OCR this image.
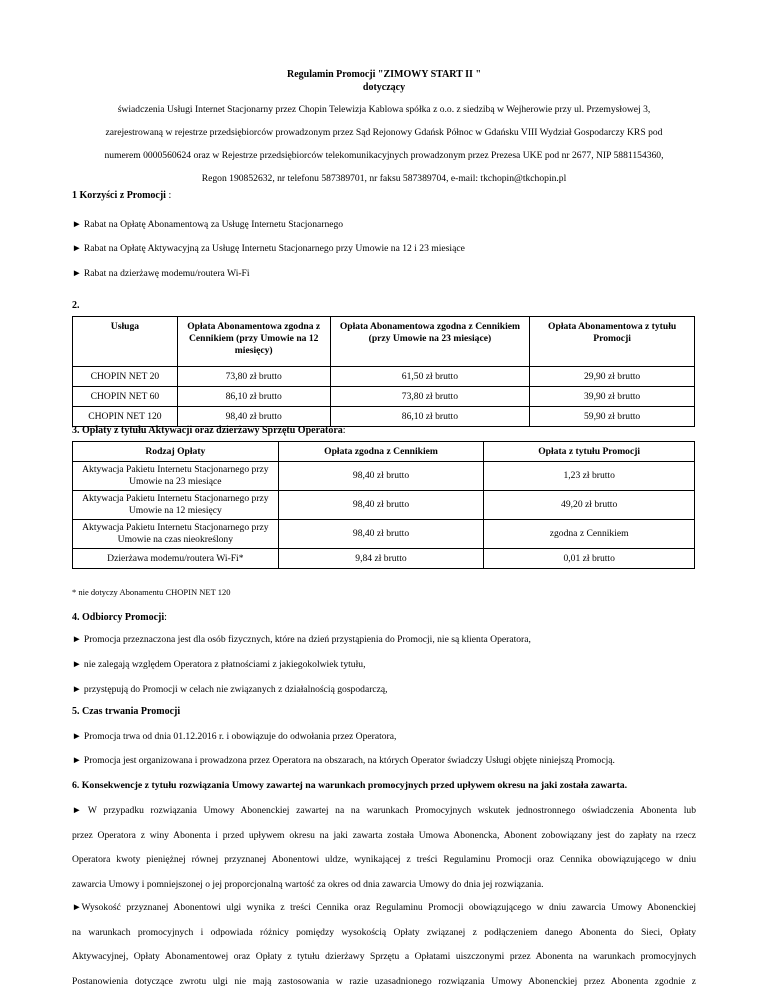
Regulamin Promocji "ZIMOWY START II "
dotyczący
świadczenia Usługi Internet Stacjonarny przez Chopin Telewizja Kablowa spółka z o.o. z siedzibą w Wejherowie przy ul. Przemysłowej 3,
zarejestrowaną w rejestrze przedsiębiorców prowadzonym przez Sąd Rejonowy Gdańsk Północ w Gdańsku VIII Wydział Gospodarczy KRS pod
numerem 0000560624 oraz w Rejestrze przedsiębiorców telekomunikacyjnych prowadzonym przez Prezesa UKE pod nr 2677, NIP 5881154360,
Regon 190852632, nr telefonu 587389701, nr faksu 587389704, e-mail: tkchopin@tkchopin.pl
1 Korzyści z Promocji :
► Rabat na Opłatę Abonamentową za Usługę Internetu Stacjonarnego
► Rabat na Opłatę Aktywacyjną za Usługę Internetu Stacjonarnego przy Umowie na 12 i 23 miesiące
► Rabat na dzierżawę modemu/routera Wi-Fi
2.
Usługa	Opłata Abonamentowa zgodna z Cennikiem (przy Umowie na 12 miesięcy)	Opłata Abonamentowa zgodna z Cennikiem (przy Umowie na 23 miesiące)	Opłata Abonamentowa z tytułu Promocji
CHOPIN NET 20	73,80 zł brutto	61,50 zł brutto	29,90 zł brutto
CHOPIN NET 60	86,10 zł brutto	73,80 zł brutto	39,90 zł brutto
CHOPIN NET 120	98,40 zł brutto	86,10 zł brutto	59,90 zł brutto
3. Opłaty z tytułu Aktywacji oraz dzierżawy Sprzętu Operatora:
Rodzaj Opłaty	Opłata zgodna z Cennikiem	Opłata z tytułu Promocji
Aktywacja Pakietu Internetu Stacjonarnego przy Umowie na 23 miesiące	98,40 zł brutto	1,23 zł brutto
Aktywacja Pakietu Internetu Stacjonarnego przy Umowie na 12 miesięcy	98,40 zł brutto	49,20 zł brutto
Aktywacja Pakietu Internetu Stacjonarnego przy Umowie na czas nieokreślony	98,40 zł brutto	zgodna z Cennikiem
Dzierżawa modemu/routera Wi-Fi*	9,84 zł brutto	0,01 zł brutto
* nie dotyczy Abonamentu CHOPIN NET 120
4. Odbiorcy Promocji:
► Promocja przeznaczona jest dla osób fizycznych, które na dzień przystąpienia do Promocji, nie są klienta Operatora,
► nie zalegają względem Operatora z płatnościami z jakiegokolwiek tytułu,
► przystępują do Promocji w celach nie związanych z działalnością gospodarczą,
5. Czas trwania Promocji
► Promocja trwa od dnia 01.12.2016 r. i obowiązuje do odwołania przez Operatora,
► Promocja jest organizowana i prowadzona przez Operatora na obszarach, na których Operator świadczy Usługi objęte niniejszą Promocją.
6. Konsekwencje z tytułu rozwiązania Umowy zawartej na warunkach promocyjnych przed upływem okresu na jaki została zawarta.
► W przypadku rozwiązania Umowy Abonenckiej zawartej na na warunkach Promocyjnych wskutek jednostronnego oświadczenia Abonenta lub
przez Operatora z winy Abonenta i przed upływem okresu na jaki zawarta została Umowa Abonencka, Abonent zobowiązany jest do zapłaty na rzecz
Operatora kwoty pieniężnej równej przyznanej Abonentowi uldze, wynikającej z treści Regulaminu Promocji oraz Cennika obowiązującego w dniu
zawarcia Umowy i pomniejszonej o jej proporcjonalną wartość za okres od dnia zawarcia Umowy do dnia jej rozwiązania.
►Wysokość przyznanej Abonentowi ulgi wynika z treści Cennika oraz Regulaminu Promocji obowiązującego w dniu zawarcia Umowy Abonenckiej
na warunkach promocyjnych i odpowiada różnicy pomiędzy wysokością Opłaty związanej z podłączeniem danego Abonenta do Sieci, Opłaty
Aktywacyjnej, Opłaty Abonamentowej oraz Opłaty z tytułu dzierżawy Sprzętu a Opłatami uiszczonymi przez Abonenta na warunkach promocyjnych
Postanowienia dotyczące zwrotu ulgi nie mają zastosowania w razie uzasadnionego rozwiązania Umowy Abonenckiej przez Abonenta zgodnie z
